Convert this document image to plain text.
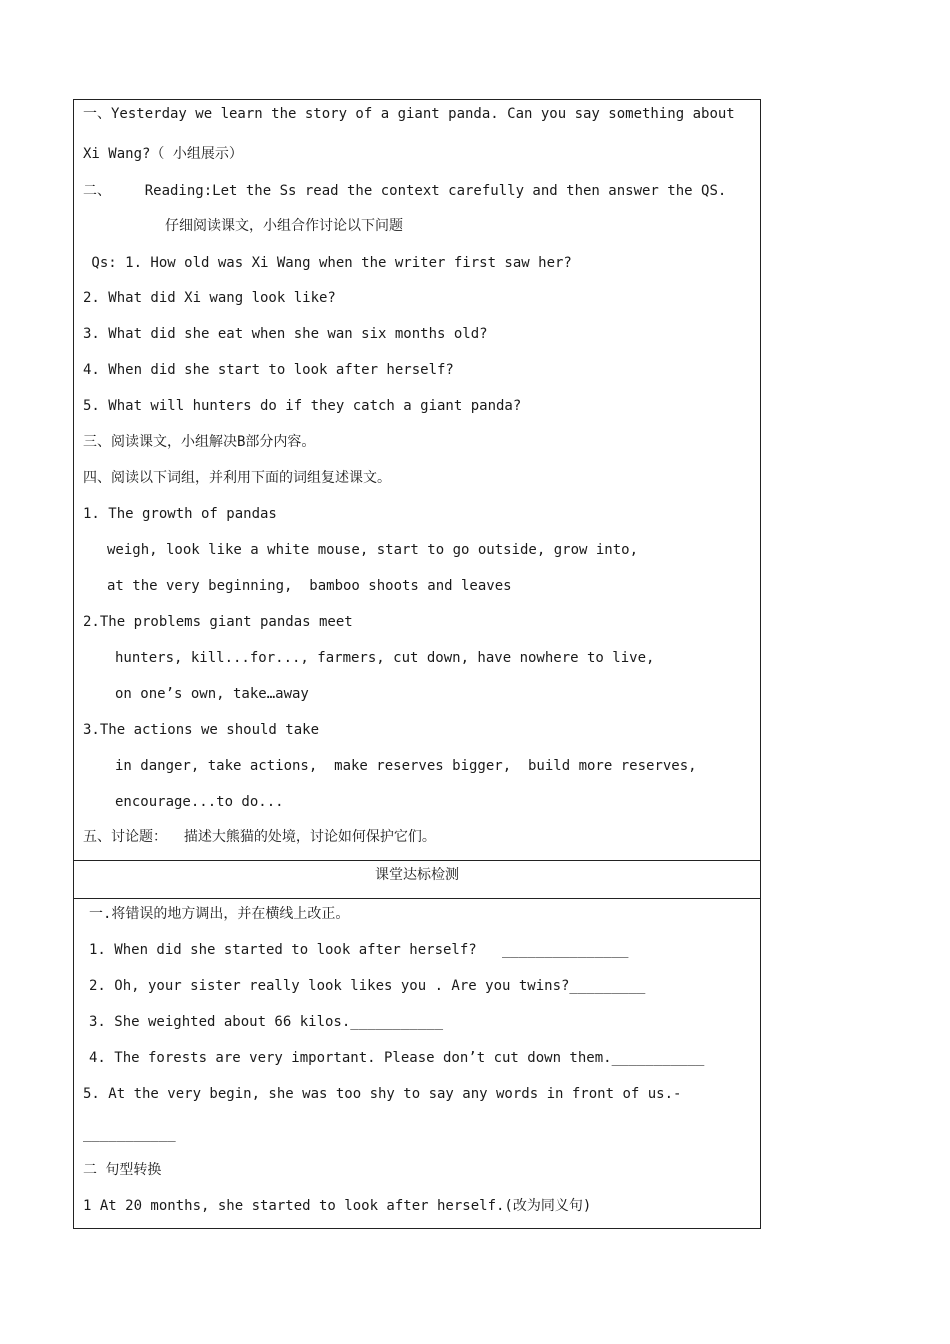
一、Yesterday we learn the story of a giant panda. Can you say something about
Xi Wang?（ 小组展示）
二、    Reading:Let the Ss read the context carefully and then answer the QS.
仔细阅读课文，小组合作讨论以下问题
Qs: 1. How old was Xi Wang when the writer first saw her?
2. What did Xi wang look like?
3. What did she eat when she wan six months old?
4. When did she start to look after herself?
5. What will hunters do if they catch a giant panda?
三、阅读课文，小组解决B部分内容。
四、阅读以下词组，并利用下面的词组复述课文。
1. The growth of pandas
weigh, look like a white mouse, start to go outside, grow into,
at the very beginning,  bamboo shoots and leaves
2.The problems giant pandas meet
hunters, kill...for..., farmers, cut down, have nowhere to live,
on one’s own, take…away
3.The actions we should take
in danger, take actions,  make reserves bigger,  build more reserves,
encourage...to do...
五、讨论题：  描述大熊猫的处境，讨论如何保护它们。
课堂达标检测
一.将错误的地方调出，并在横线上改正。
1. When did she started to look after herself?   _______________
2. Oh, your sister really look likes you . Are you twins?_________
3. She weighted about 66 kilos.___________
4. The forests are very important. Please don’t cut down them.___________
5. At the very begin, she was too shy to say any words in front of us.-
___________
二 句型转换
1 At 20 months, she started to look after herself.(改为同义句)
